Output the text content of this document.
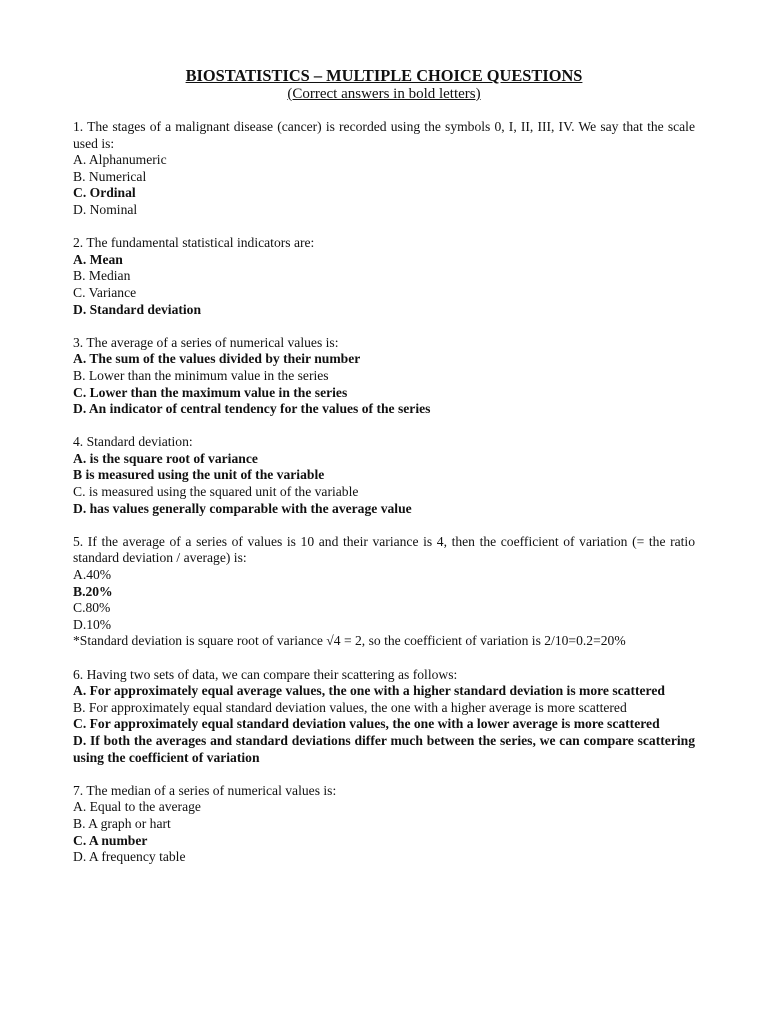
BIOSTATISTICS – MULTIPLE CHOICE QUESTIONS

(Correct answers in bold letters)

1. The stages of a malignant disease (cancer) is recorded using the symbols 0, I, II, III, IV. We say that the scale used is:

A. Alphanumeric

B. Numerical

C. Ordinal

D. Nominal

2. The fundamental statistical indicators are:

A. Mean

B. Median

C. Variance

D. Standard deviation

3. The average of a series of numerical values is:

A. The sum of the values divided by their number

B. Lower than the minimum value in the series

C. Lower than the maximum value in the series

D. An indicator of central tendency for the values of the series

4. Standard deviation:

A. is the square root of variance

B is measured using the unit of the variable

C. is measured using the squared unit of the variable

D. has values generally comparable with the average value

5. If the average of a series of values is 10 and their variance is 4, then the coefficient of variation (= the ratio standard deviation / average) is:

A.40%

B.20%

C.80%

D.10%

*Standard deviation is square root of variance √4 = 2, so the coefficient of variation is 2/10=0.2=20%

6. Having two sets of data, we can compare their scattering as follows:

A. For approximately equal average values, the one with a higher standard deviation is more scattered

B. For approximately equal standard deviation values, the one with a higher average is more scattered

C. For approximately equal standard deviation values, the one with a lower average is more scattered

D. If both the averages and standard deviations differ much between the series, we can compare scattering using the coefficient of variation

7. The median of a series of numerical values is:

A. Equal to the average

B. A graph or hart

C. A number

D. A frequency table
